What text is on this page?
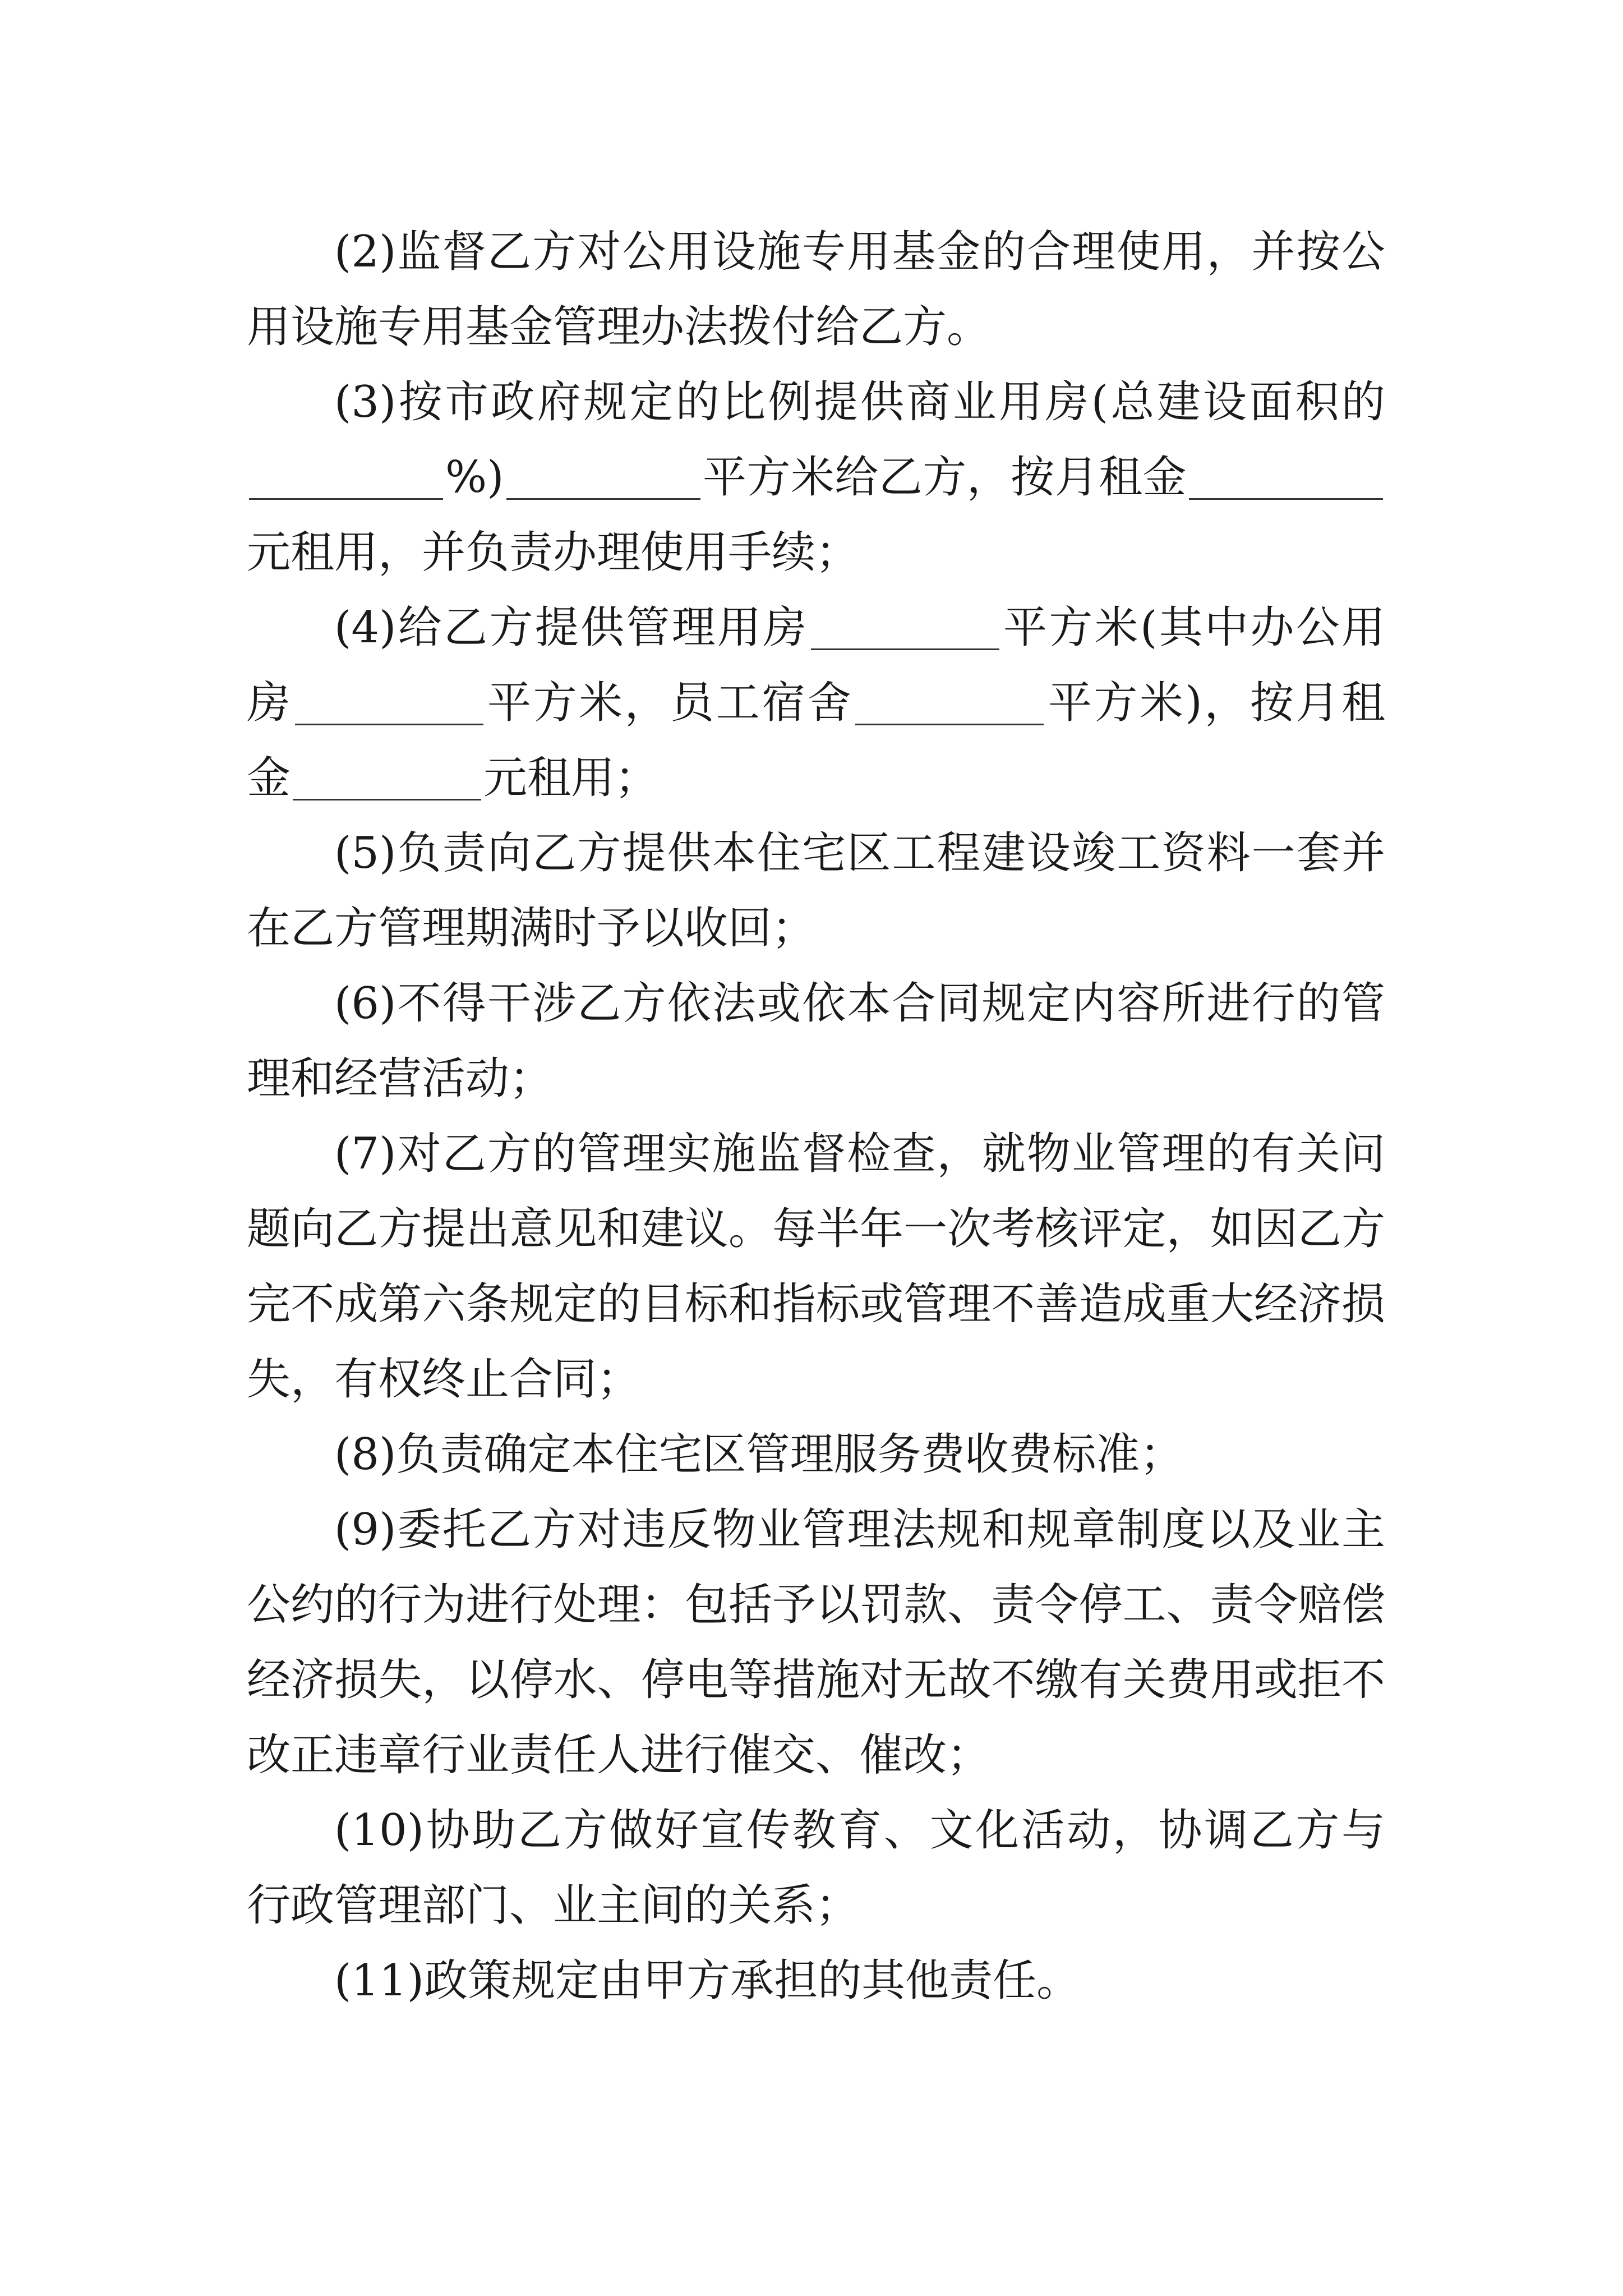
(2)监督乙方对公用设施专用基金的合理使用，并按公用设施专用基金管理办法拨付给乙方。

(3)按市政府规定的比例提供商业用房(总建设面积的%)	平方米给乙方，按月租金元租用，并负责办理使用手续；

(4)给乙方提供管理用房	平方米(其中办公用房	平方米，员工宿舍	平方米)，按月租金	元租用；

(5)负责向乙方提供本住宅区工程建设竣工资料一套并在乙方管理期满时予以收回；

(6)不得干涉乙方依法或依本合同规定内容所进行的管理和经营活动；

(7)对乙方的管理实施监督检查，就物业管理的有关问题向乙方提出意见和建议。每半年一次考核评定，如因乙方完不成第六条规定的目标和指标或管理不善造成重大经济损失，有权终止合同；

(8)负责确定本住宅区管理服务费收费标准；

(9)委托乙方对违反物业管理法规和规章制度以及业主公约的行为进行处理：包括予以罚款、责令停工、责令赔偿经济损失，以停水、停电等措施对无故不缴有关费用或拒不改正违章行业责任人进行催交、催改；

(10)协助乙方做好宣传教育、文化活动，协调乙方与行政管理部门、业主间的关系；

(11)政策规定由甲方承担的其他责任。
